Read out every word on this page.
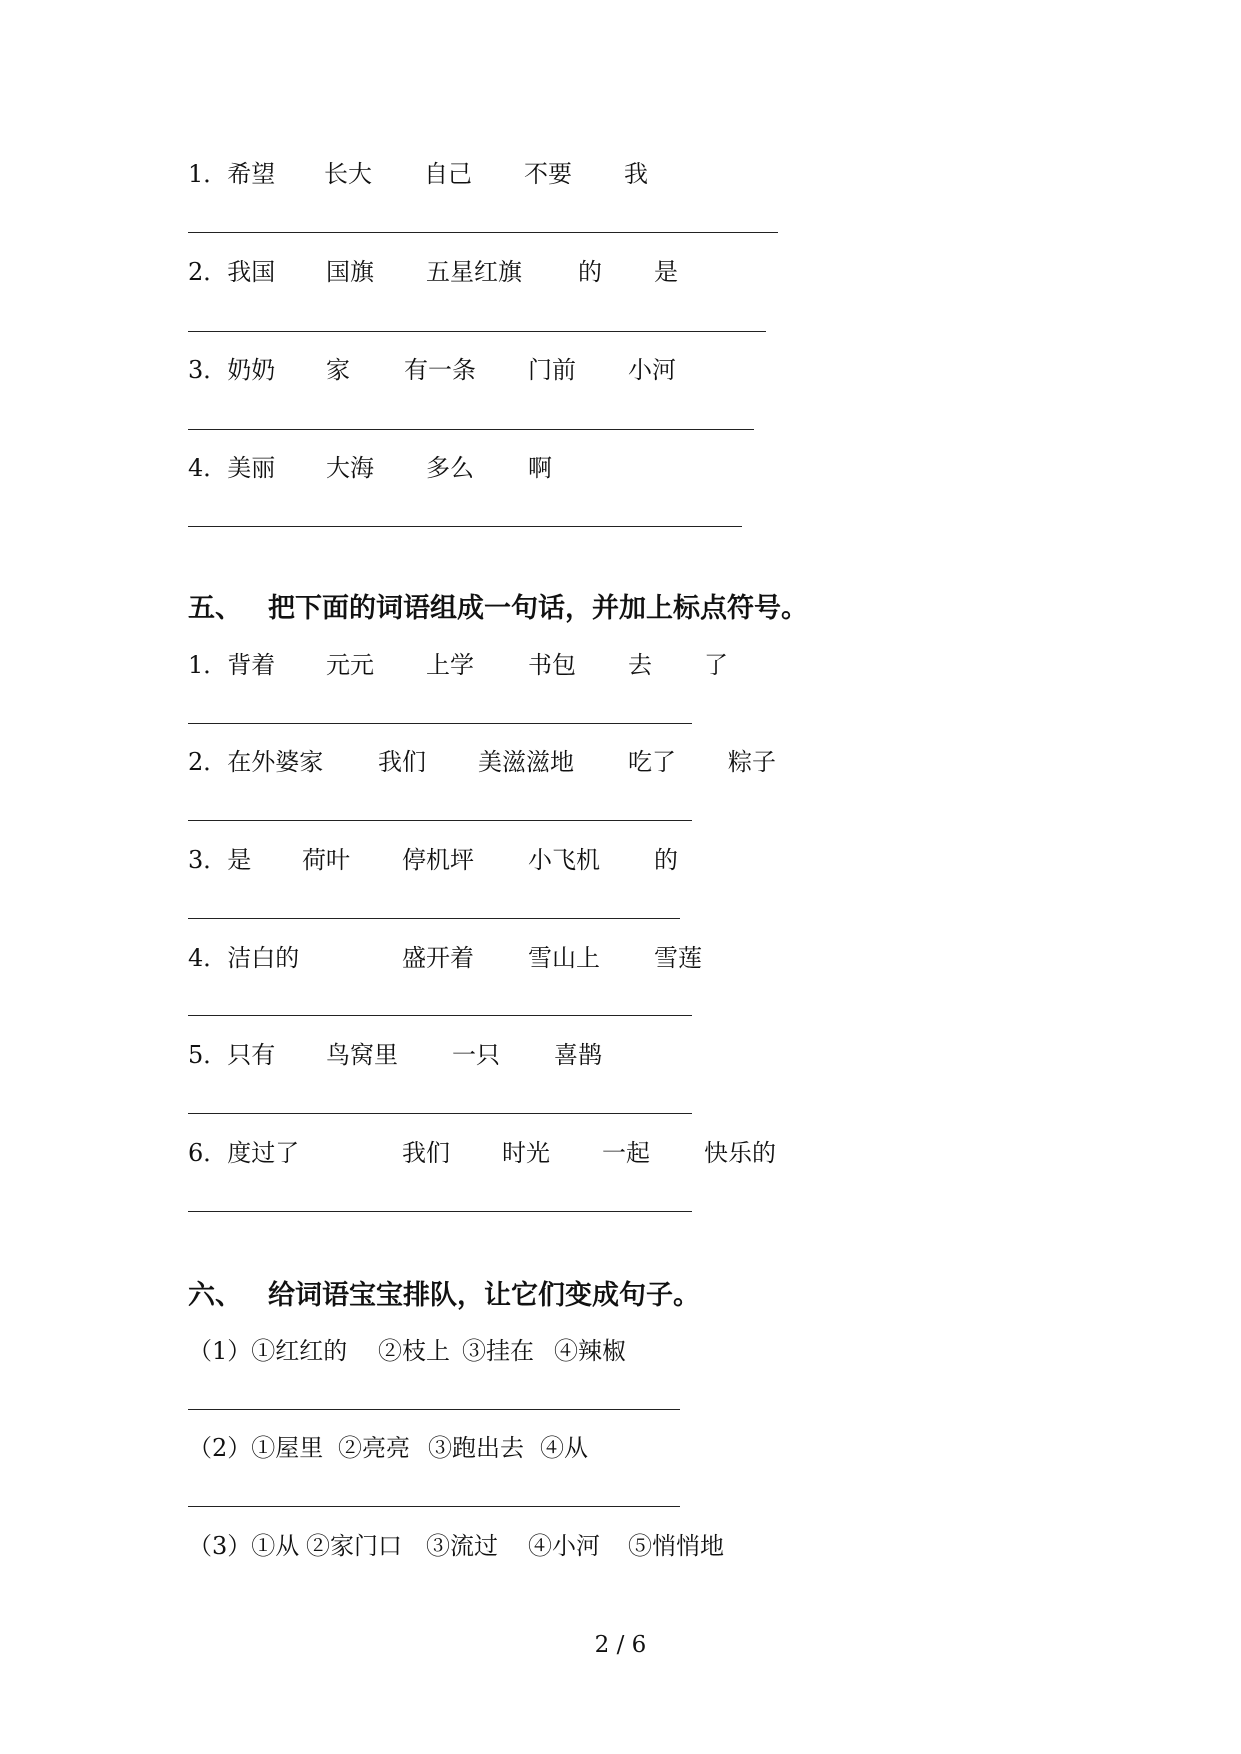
1．希望 长大 自己 不要 我
2．我国 国旗 五星红旗 的 是
3．奶奶 家 有一条 门前 小河
4．美丽 大海 多么 啊
五、 把下面的词语组成一句话，并加上标点符号。
1．背着 元元 上学 书包 去 了
2．在外婆家 我们 美滋滋地 吃了 粽子
3．是 荷叶 停机坪 小飞机 的
4．洁白的	盛开着 雪山上 雪莲
5．只有 鸟窝里 一只 喜鹊
6．度过了	我们 时光 一起 快乐的
六、 给词语宝宝排队，让它们变成句子。
（1）①红红的 ②枝上 ③挂在 ④辣椒
（2）①屋里 ②亮亮 ③跑出去 ④从
（3）①从 ②家门口 ③流过 ④小河 ⑤悄悄地
2 / 6
